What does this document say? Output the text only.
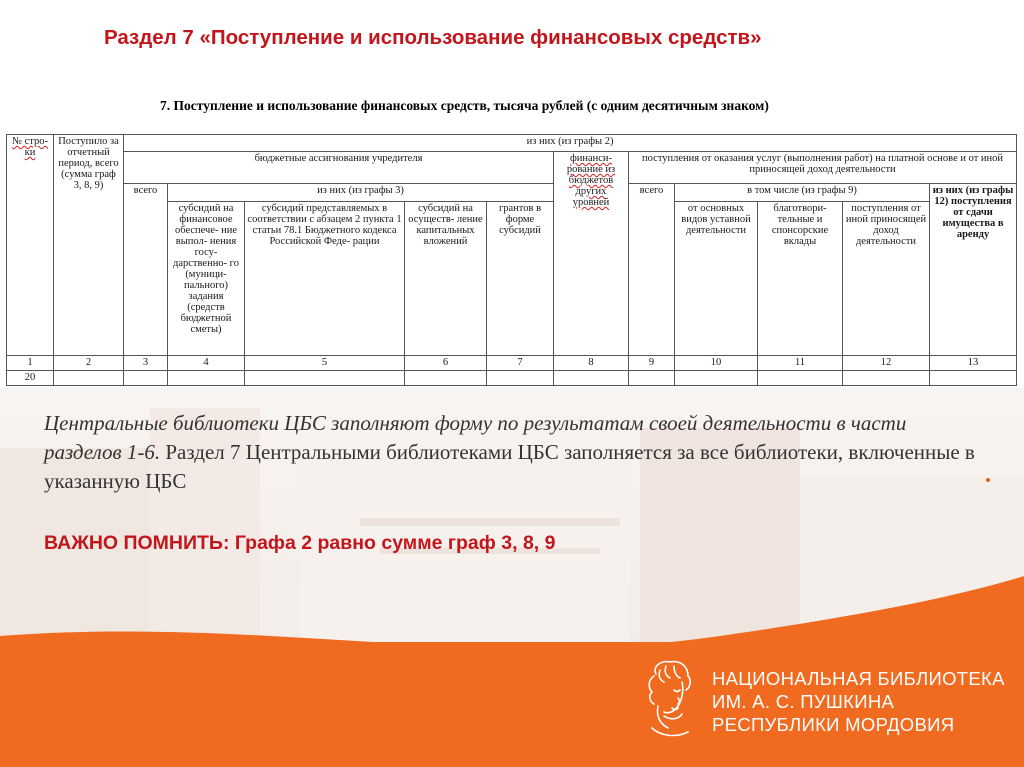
Раздел 7 «Поступление и использование финансовых средств»
7. Поступление и использование финансовых средств, тысяча рублей (с одним десятичным знаком)
№ стро- ки	Поступило за отчетный период, всего (сумма граф 3, 8, 9)	из них (из графы 2)										
		бюджетные ассигнования учредителя					финанси- рование из бюджетов других уровней	поступления от оказания услуг (выполнения работ) на платной основе и от иной приносящей доход деятельности				
		всего	из них (из графы 3)					всего	в том числе (из графы 9)			из них (из графы 12) поступления от сдачи имущества в аренду
			субсидий на финансовое обеспече- ние выпол- нения госу- дарственно- го (муници- пального) задания (средств бюджетной сметы)	субсидий представляемых в соответствии с абзацем 2 пункта 1 статьи 78.1 Бюджетного кодекса Российской Феде- рации	субсидий на осуществ- ление капитальных вложений	грантов в форме субсидий			от основных видов уставной деятельности	благотвори- тельные и спонсорские вклады	поступления от иной приносящей доход деятельности	
1	2	3	4	5	6	7	8	9	10	11	12	13
20												
Центральные библиотеки ЦБС заполняют форму по результатам своей деятельности в части разделов 1-6. Раздел 7 Центральными библиотеками ЦБС заполняется за все библиотеки, включенные в указанную ЦБС
ВАЖНО ПОМНИТЬ: Графа 2 равно сумме граф 3, 8, 9
НАЦИОНАЛЬНАЯ БИБЛИОТЕКА
ИМ. А. С. ПУШКИНА
РЕСПУБЛИКИ МОРДОВИЯ
